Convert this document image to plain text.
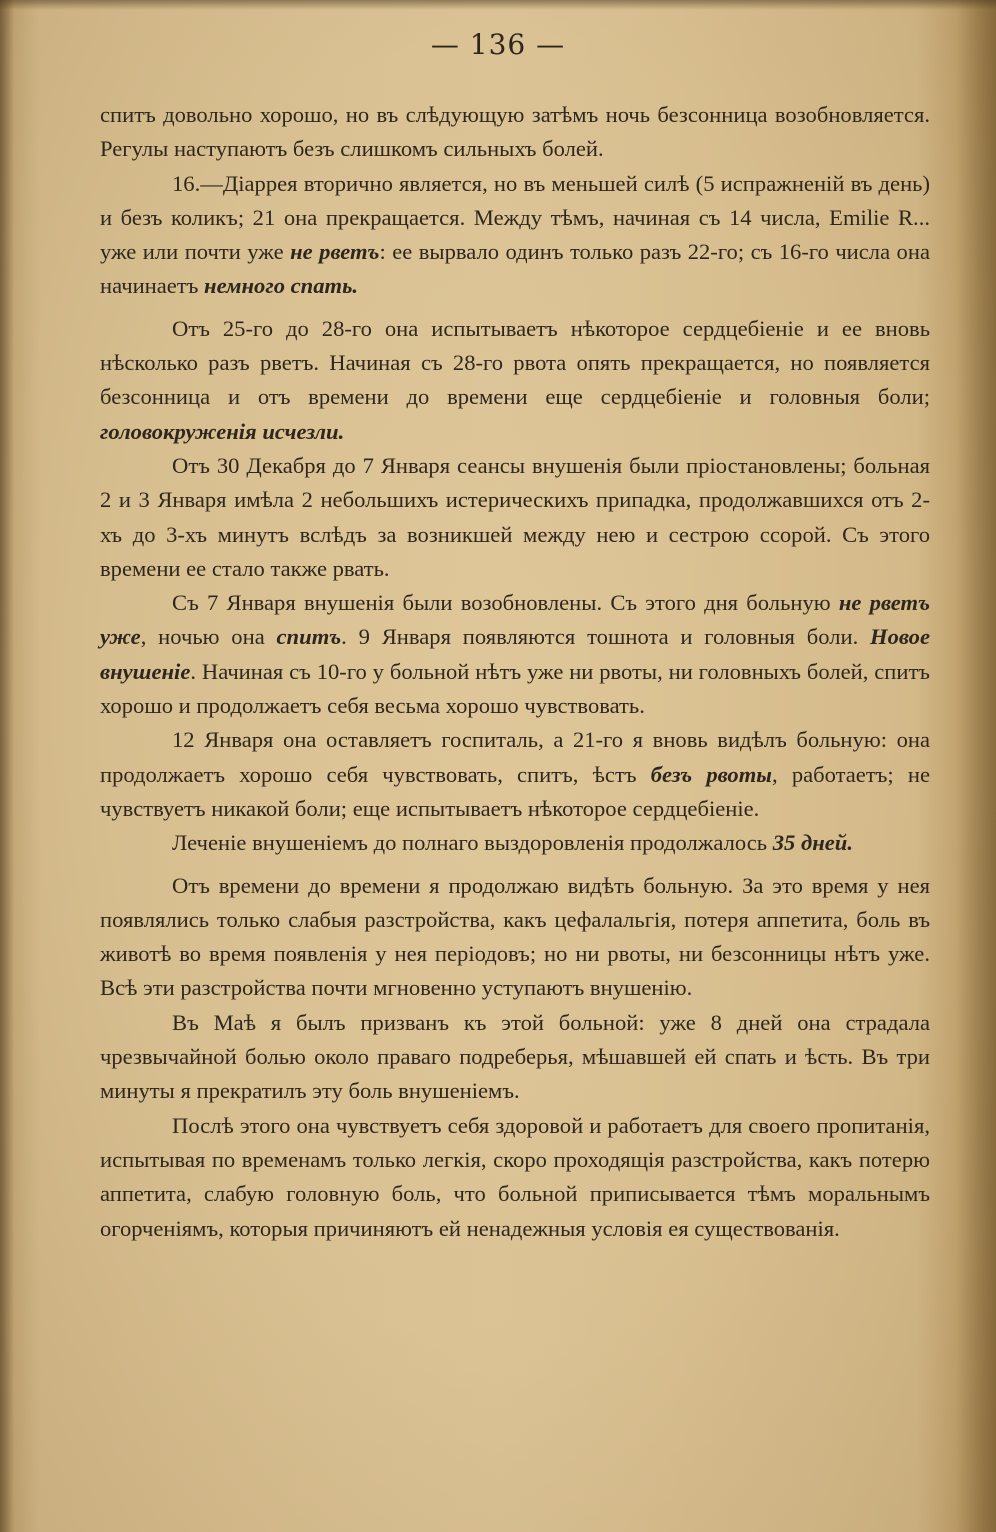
— 136 —

спитъ довольно хорошо, но въ слѣдующую затѣмъ ночь безсонница возобновляется. Регулы наступаютъ безъ слишкомъ сильныхъ болей.

16.—Діаррея вторично является, но въ меньшей силѣ (5 испражненій въ день) и безъ коликъ; 21 она прекращается. Между тѣмъ, начиная съ 14 числа, Emilie R... уже или почти уже не рветъ: ее вырвало одинъ только разъ 22-го; съ 16-го числа она начинаетъ немного спать.

Отъ 25-го до 28-го она испытываетъ нѣкоторое сердцебіеніе и ее вновь нѣсколько разъ рветъ. Начиная съ 28-го рвота опять прекращается, но появляется безсонница и отъ времени до времени еще сердцебіеніе и головныя боли; головокруженія исчезли.

Отъ 30 Декабря до 7 Января сеансы внушенія были пріостановлены; больная 2 и 3 Января имѣла 2 небольшихъ истерическихъ припадка, продолжавшихся отъ 2-хъ до 3-хъ минутъ вслѣдъ за возникшей между нею и сестрою ссорой. Съ этого времени ее стало также рвать.

Съ 7 Января внушенія были возобновлены. Съ этого дня больную не рветъ уже, ночью она спитъ. 9 Января появляются тошнота и головныя боли. Новое внушеніе. Начиная съ 10-го у больной нѣтъ уже ни рвоты, ни головныхъ болей, спитъ хорошо и продолжаетъ себя весьма хорошо чувствовать.

12 Января она оставляетъ госпиталь, а 21-го я вновь видѣлъ больную: она продолжаетъ хорошо себя чувствовать, спитъ, ѣстъ безъ рвоты, работаетъ; не чувствуетъ никакой боли; еще испытываетъ нѣкоторое сердцебіеніе.

Леченіе внушеніемъ до полнаго выздоровленія продолжалось 35 дней.

Отъ времени до времени я продолжаю видѣть больную. За это время у нея появлялись только слабыя разстройства, какъ цефалальгія, потеря аппетита, боль въ животѣ во время появленія у нея періодовъ; но ни рвоты, ни безсонницы нѣтъ уже. Всѣ эти разстройства почти мгновенно уступаютъ внушенію.

Въ Маѣ я былъ призванъ къ этой больной: уже 8 дней она страдала чрезвычайной болью около праваго подреберья, мѣшавшей ей спать и ѣсть. Въ три минуты я прекратилъ эту боль внушеніемъ.

Послѣ этого она чувствуетъ себя здоровой и работаетъ для своего пропитанія, испытывая по временамъ только легкія, скоро проходящія разстройства, какъ потерю аппетита, слабую головную боль, что больной приписывается тѣмъ моральнымъ огорченіямъ, которыя причиняютъ ей ненадежныя условія ея существованія.
